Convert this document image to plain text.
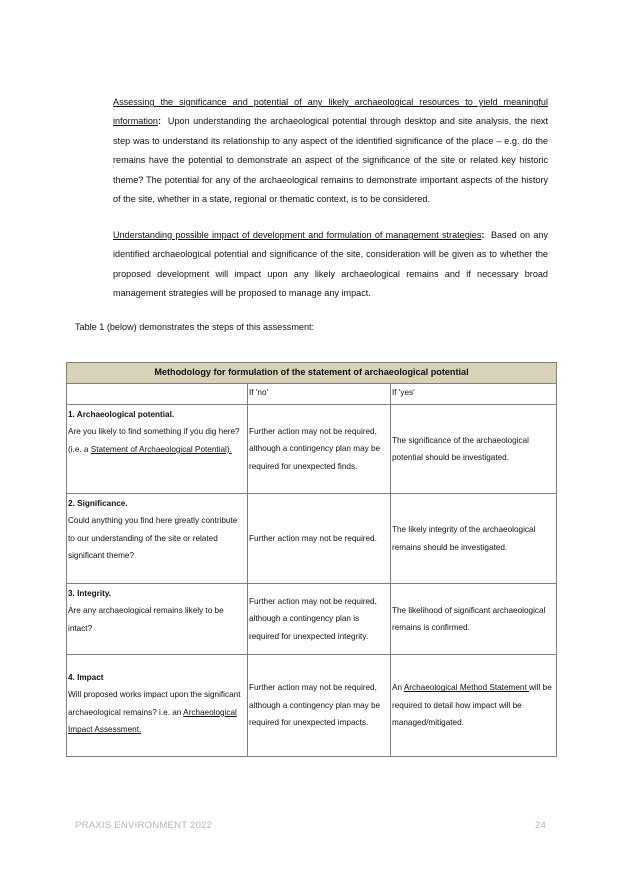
Assessing the significance and potential of any likely archaeological resources to yield meaningful information: Upon understanding the archaeological potential through desktop and site analysis, the next step was to understand its relationship to any aspect of the identified significance of the place – e.g. do the remains have the potential to demonstrate an aspect of the significance of the site or related key historic theme? The potential for any of the archaeological remains to demonstrate important aspects of the history of the site, whether in a state, regional or thematic context, is to be considered.

Understanding possible impact of development and formulation of management strategies: Based on any identified archaeological potential and significance of the site, consideration will be given as to whether the proposed development will impact upon any likely archaeological remains and if necessary broad management strategies will be proposed to manage any impact.

Table 1 (below) demonstrates the steps of this assessment:

Methodology for formulation of the statement of archaeological potential		
	If 'no'	If 'yes'

1. Archaeological potential.
Are you likely to find something if you dig here? (i.e. a Statement of Archaeological Potential).	Further action may not be required, although a contingency plan may be required for unexpected finds.	The significance of the archaeological potential should be investigated.

2. Significance.
Could anything you find here greatly contribute to our understanding of the site or related significant theme?	Further action may not be required.	The likely integrity of the archaeological remains should be investigated.

3. Integrity.
Are any archaeological remains likely to be intact?	Further action may not be required, although a contingency plan is required for unexpected integrity.	The likelihood of significant archaeological remains is confirmed.

4. Impact
Will proposed works impact upon the significant archaeological remains? i.e. an Archaeological Impact Assessment.	Further action may not be required, although a contingency plan may be required for unexpected impacts.	An Archaeological Method Statement will be required to detail how impact will be managed/mitigated.

PRAXIS ENVIRONMENT 2022	24
